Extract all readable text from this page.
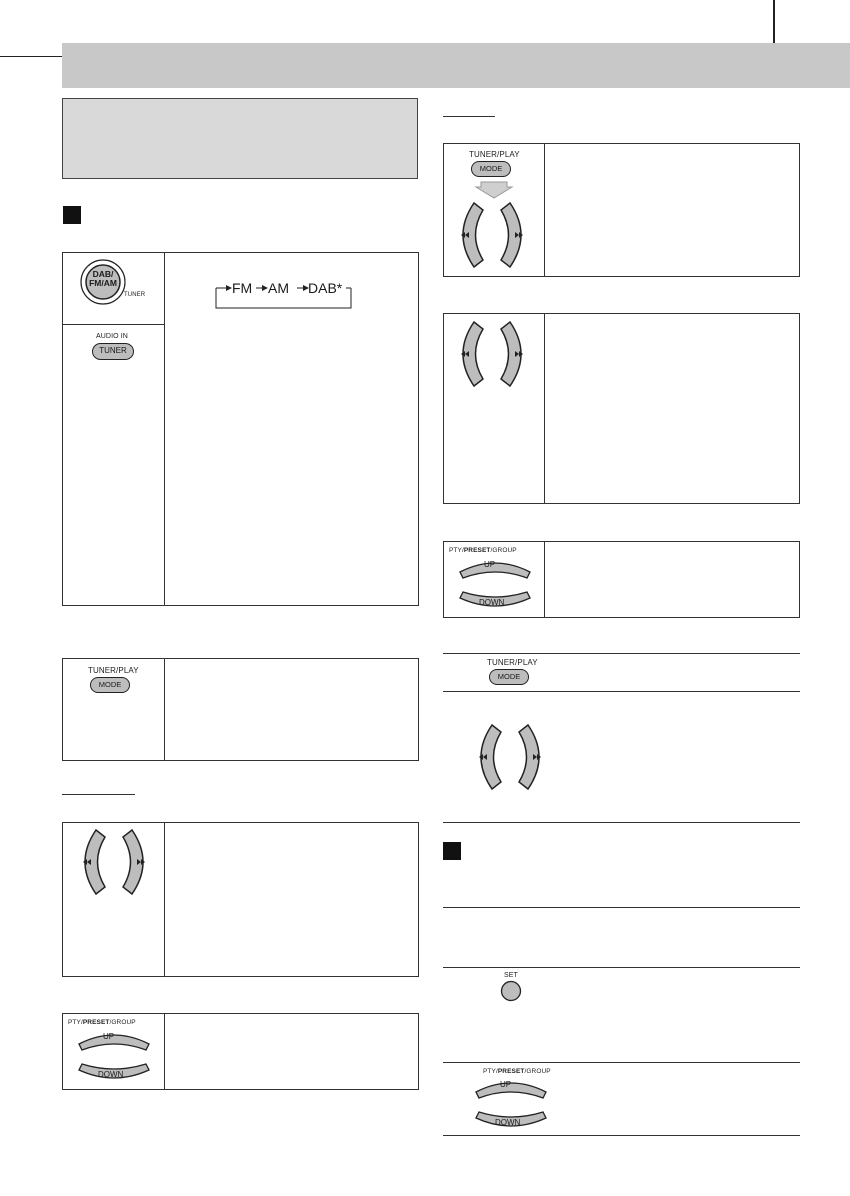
DAB/ FM/AM
TUNER
AUDIO IN
TUNER
FM AM DAB*
TUNER/PLAY
MODE
PTY/PRESET/GROUP
UP
DOWN
TUNER/PLAY
MODE
PTY/PRESET/GROUP
UP
DOWN
TUNER/PLAY
MODE
SET
PTY/PRESET/GROUP
UP
DOWN
